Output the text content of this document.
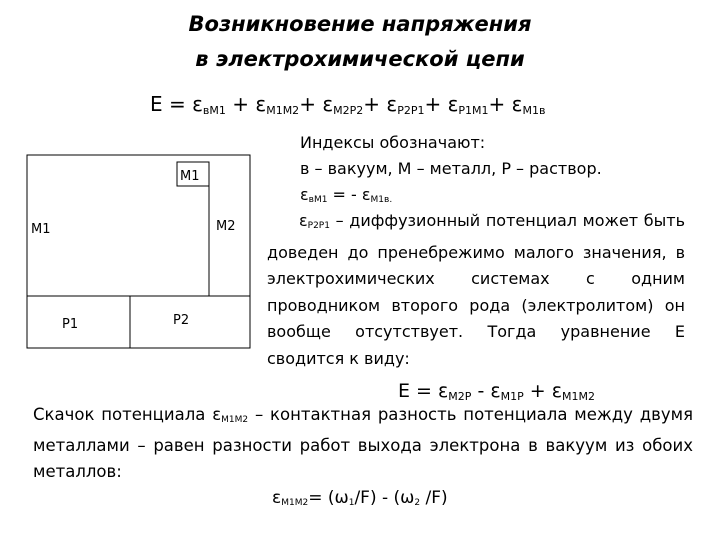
Возникновение напряжения
в электрохимической цепи
$E = \varepsilon_{вМ1} + \varepsilon_{М1М2}+ \varepsilon_{М2Р2}+ \varepsilon_{Р2Р1}+ \varepsilon_{Р1М1}+ \varepsilon_{М1в}$
М1
М1
М2
Р1	Р2
Индексы обозначают:
в – вакуум, М – металл, Р – раствор.
$\varepsilon_{вМ1}$ = - $\varepsilon_{М1в.}$
$\varepsilon_{Р2Р1}$ – диффузионный потенциал может быть доведен до пренебрежимо малого значения, в электрохимических системах с одним проводником второго рода (электролитом) он вообще отсутствует. Тогда уравнение E сводится к виду:
$E = \varepsilon_{М2Р} - \varepsilon_{М1Р} + \varepsilon_{М1М2}$
Скачок потенциала $\varepsilon_{М1М2}$ – контактная разность потенциала между двумя металлами – равен разности работ выхода электрона в вакуум из обоих металлов:
$\varepsilon_{М1М2}= (\omega_1/F) - (\omega_2$ /F)
